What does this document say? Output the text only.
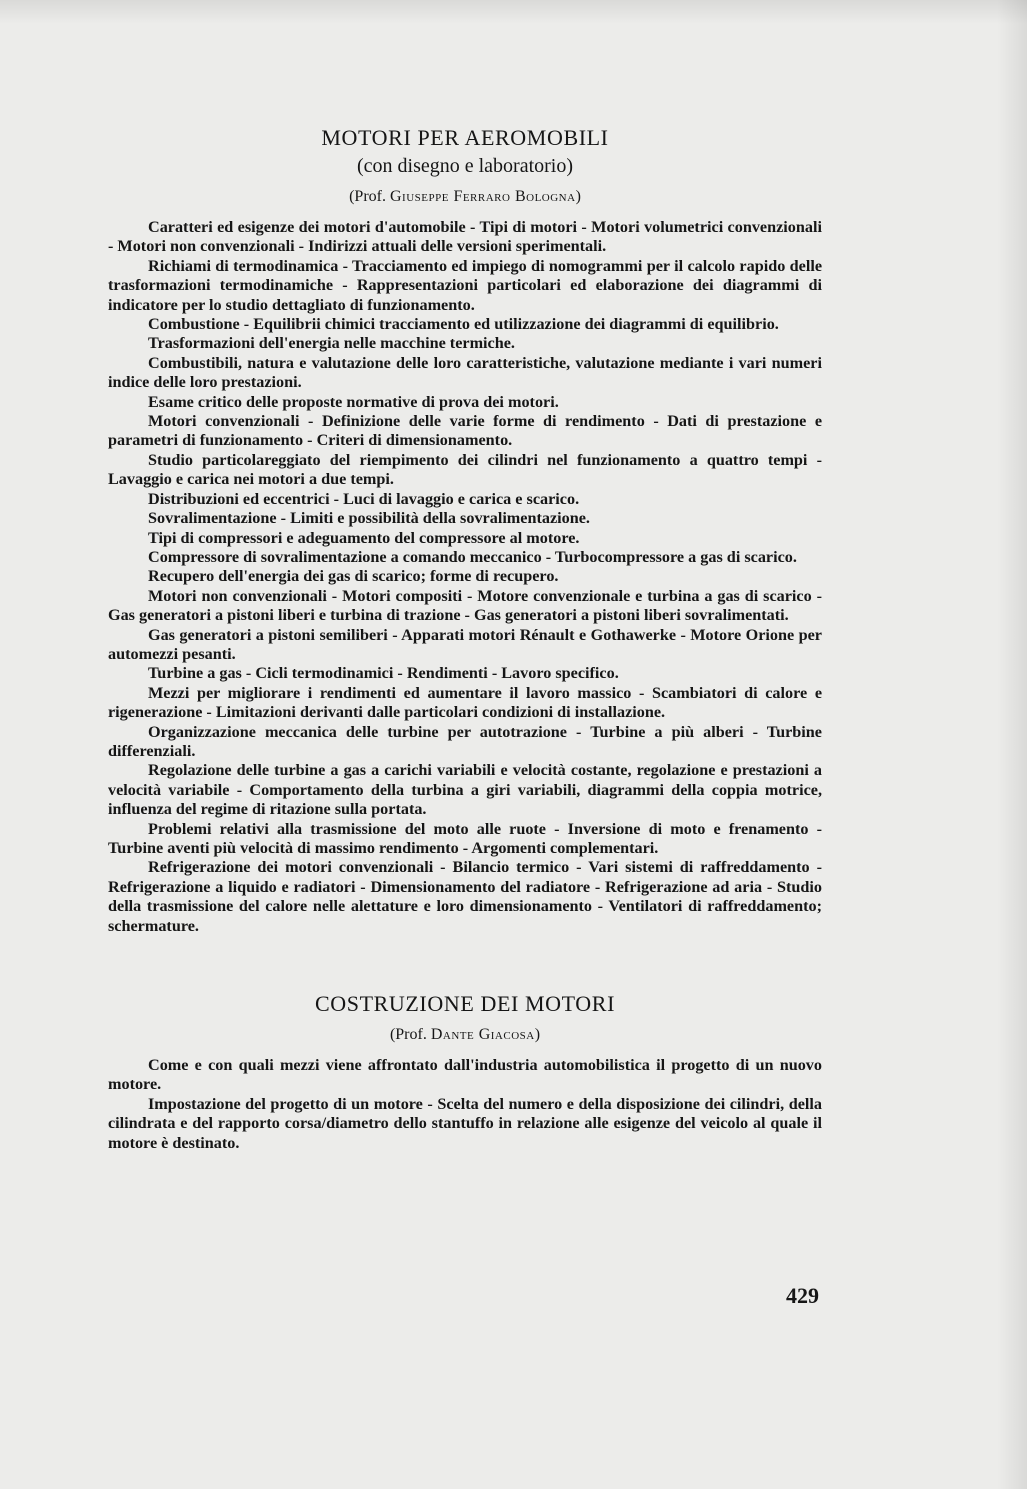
MOTORI PER AEROMOBILI

(con disegno e laboratorio)

(Prof. Giuseppe Ferraro Bologna)

Caratteri ed esigenze dei motori d'automobile - Tipi di motori - Motori volumetrici convenzionali - Motori non convenzionali - Indirizzi attuali delle versioni sperimentali.

Richiami di termodinamica - Tracciamento ed impiego di nomogrammi per il calcolo rapido delle trasformazioni termodinamiche - Rappresentazioni particolari ed elaborazione dei diagrammi di indicatore per lo studio dettagliato di funzionamento.

Combustione - Equilibrii chimici tracciamento ed utilizzazione dei diagrammi di equilibrio.

Trasformazioni dell'energia nelle macchine termiche.

Combustibili, natura e valutazione delle loro caratteristiche, valutazione mediante i vari numeri indice delle loro prestazioni.

Esame critico delle proposte normative di prova dei motori.

Motori convenzionali - Definizione delle varie forme di rendimento - Dati di prestazione e parametri di funzionamento - Criteri di dimensionamento.

Studio particolareggiato del riempimento dei cilindri nel funzionamento a quattro tempi - Lavaggio e carica nei motori a due tempi.

Distribuzioni ed eccentrici - Luci di lavaggio e carica e scarico.

Sovralimentazione - Limiti e possibilità della sovralimentazione.

Tipi di compressori e adeguamento del compressore al motore.

Compressore di sovralimentazione a comando meccanico - Turbocompressore a gas di scarico.

Recupero dell'energia dei gas di scarico; forme di recupero.

Motori non convenzionali - Motori compositi - Motore convenzionale e turbina a gas di scarico - Gas generatori a pistoni liberi e turbina di trazione - Gas generatori a pistoni liberi sovralimentati.

Gas generatori a pistoni semiliberi - Apparati motori Rénault e Gothawerke - Motore Orione per automezzi pesanti.

Turbine a gas - Cicli termodinamici - Rendimenti - Lavoro specifico.

Mezzi per migliorare i rendimenti ed aumentare il lavoro massico - Scambiatori di calore e rigenerazione - Limitazioni derivanti dalle particolari condizioni di installazione.

Organizzazione meccanica delle turbine per autotrazione - Turbine a più alberi - Turbine differenziali.

Regolazione delle turbine a gas a carichi variabili e velocità costante, regolazione e prestazioni a velocità variabile - Comportamento della turbina a giri variabili, diagrammi della coppia motrice, influenza del regime di ritazione sulla portata.

Problemi relativi alla trasmissione del moto alle ruote - Inversione di moto e frenamento - Turbine aventi più velocità di massimo rendimento - Argomenti complementari.

Refrigerazione dei motori convenzionali - Bilancio termico - Vari sistemi di raffreddamento - Refrigerazione a liquido e radiatori - Dimensionamento del radiatore - Refrigerazione ad aria - Studio della trasmissione del calore nelle alettature e loro dimensionamento - Ventilatori di raffreddamento; schermature.

COSTRUZIONE DEI MOTORI

(Prof. Dante Giacosa)

Come e con quali mezzi viene affrontato dall'industria automobilistica il progetto di un nuovo motore.

Impostazione del progetto di un motore - Scelta del numero e della disposizione dei cilindri, della cilindrata e del rapporto corsa/diametro dello stantuffo in relazione alle esigenze del veicolo al quale il motore è destinato.

429
